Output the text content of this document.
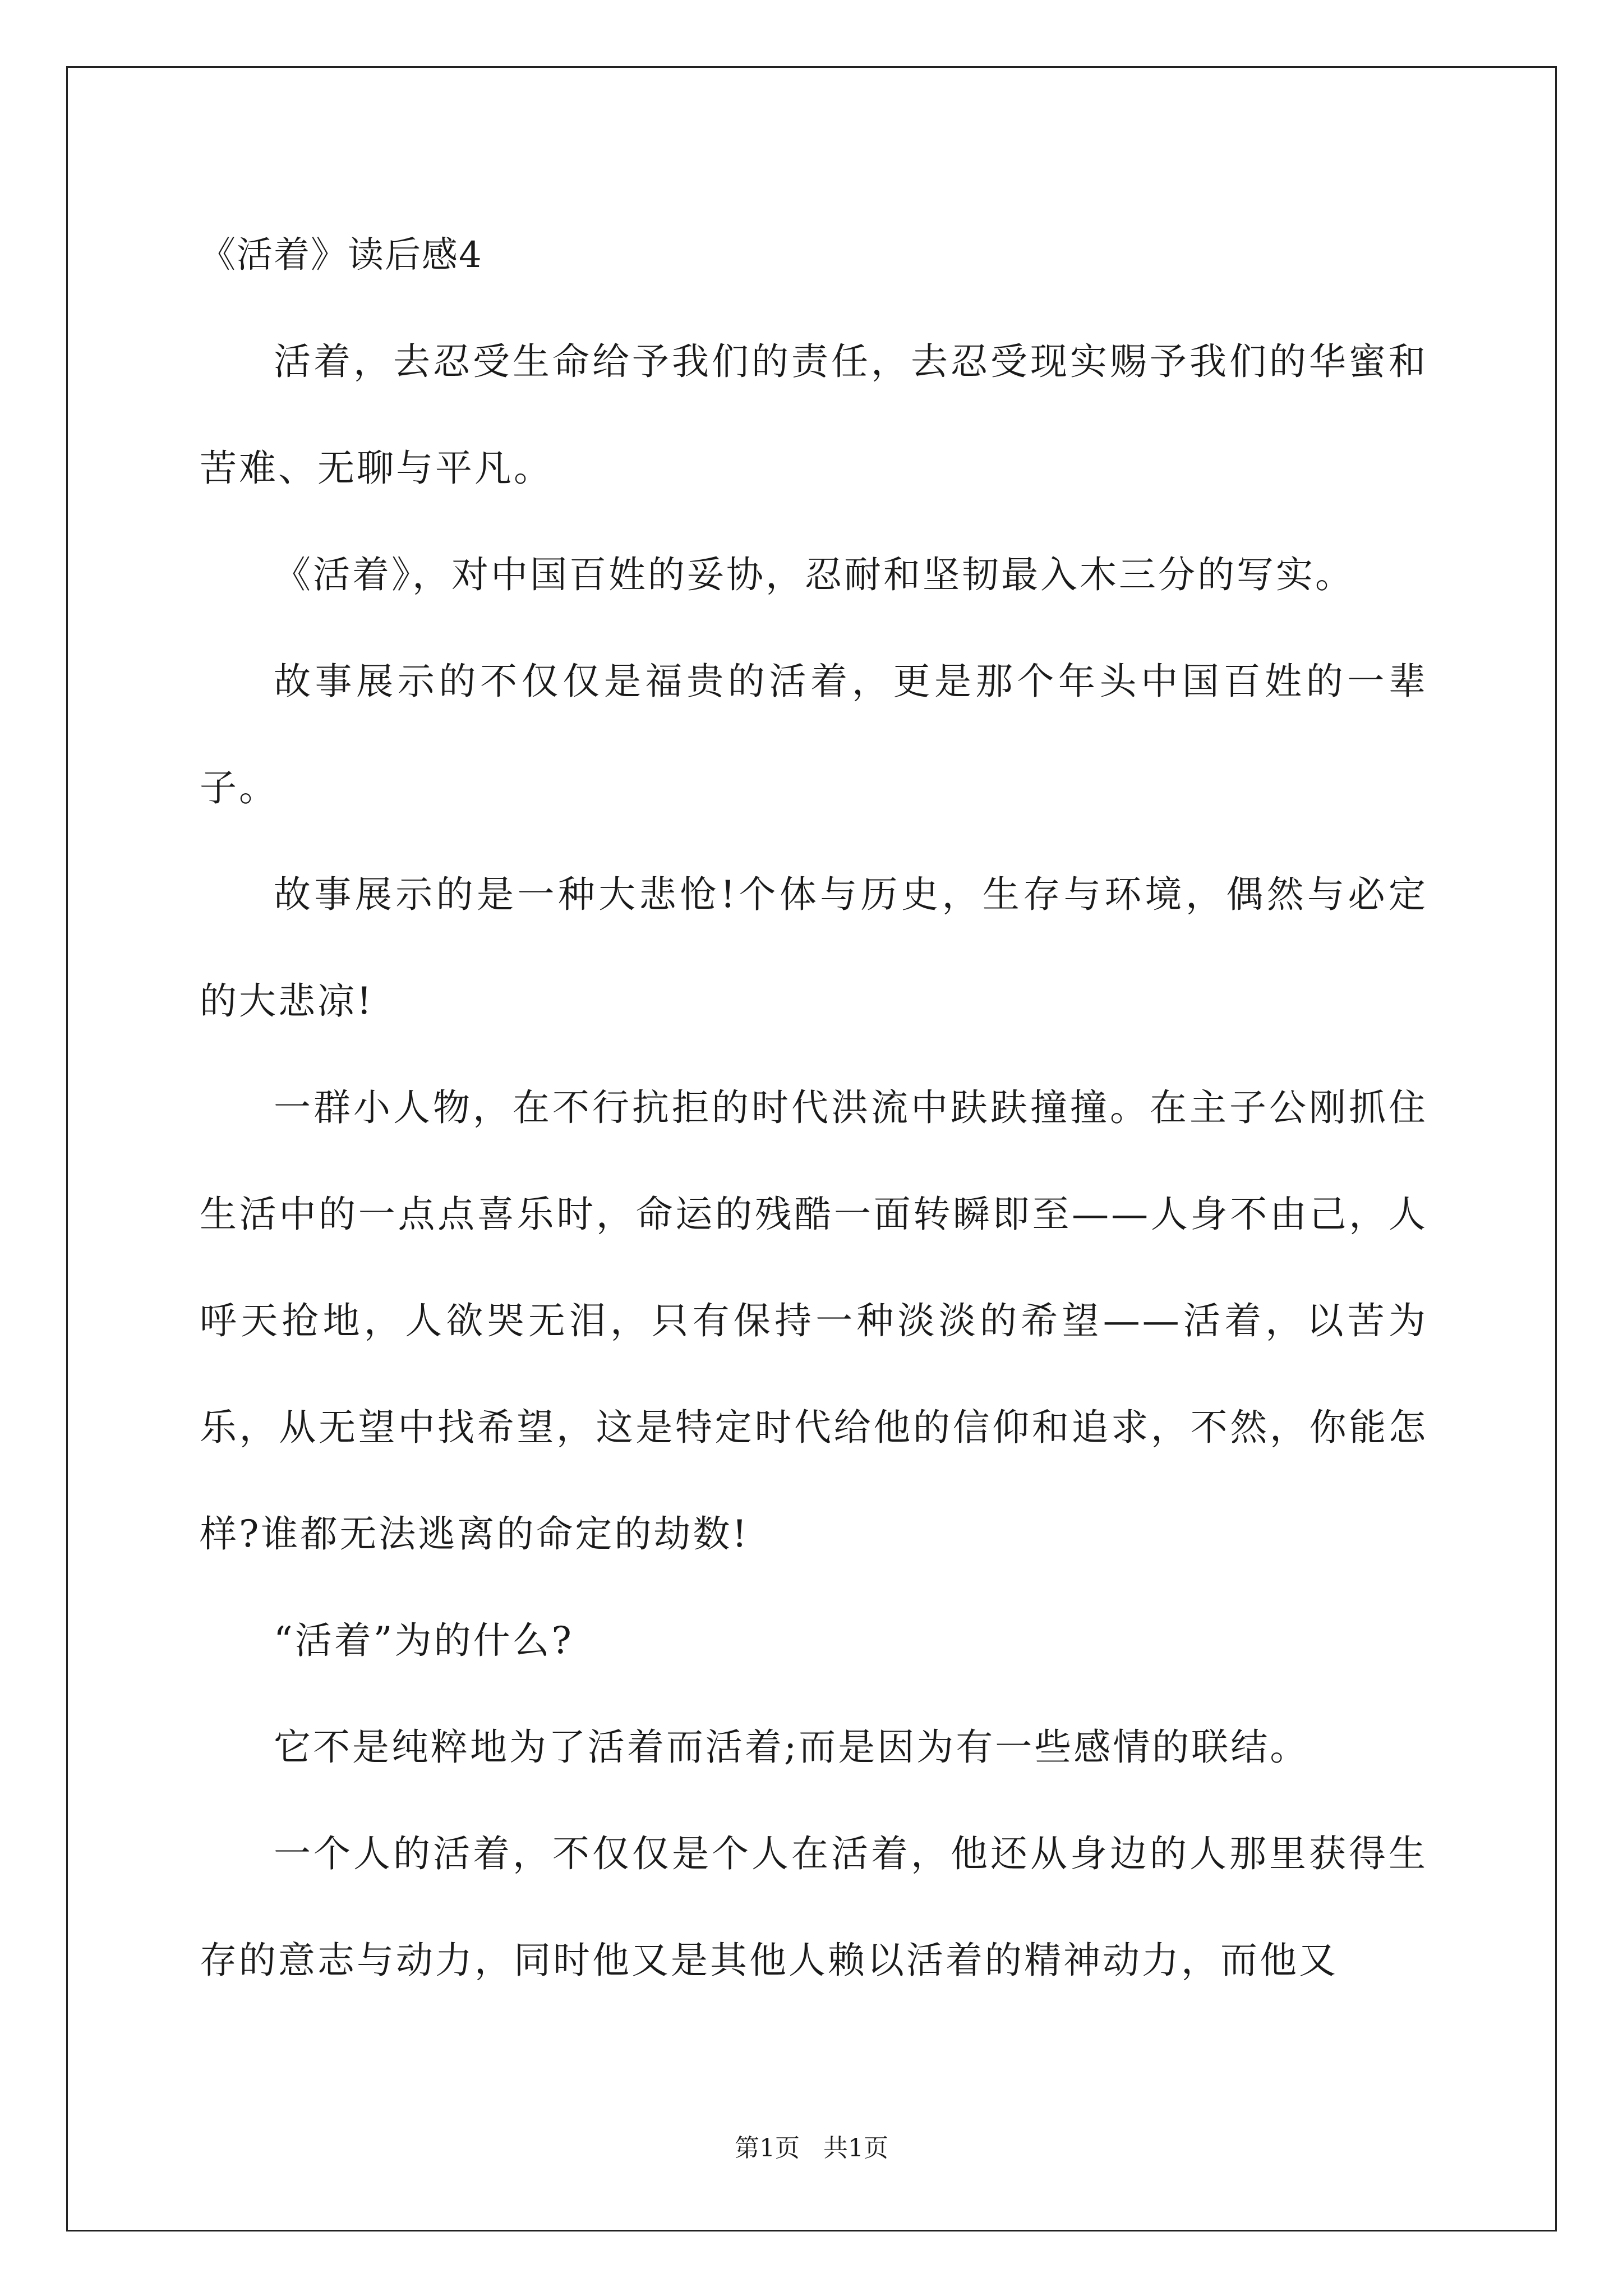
《活着》读后感4

活着，去忍受生命给予我们的责任，去忍受现实赐予我们的华蜜和苦难、无聊与平凡。

《活着》，对中国百姓的妥协，忍耐和坚韧最入木三分的写实。

故事展示的不仅仅是福贵的活着，更是那个年头中国百姓的一辈子。

故事展示的是一种大悲怆!个体与历史，生存与环境，偶然与必定的大悲凉!

一群小人物，在不行抗拒的时代洪流中趺趺撞撞。在主子公刚抓住生活中的一点点喜乐时，命运的残酷一面转瞬即至——人身不由己，人呼天抢地，人欲哭无泪，只有保持一种淡淡的希望——活着，以苦为乐，从无望中找希望，这是特定时代给他的信仰和追求，不然，你能怎样?谁都无法逃离的命定的劫数!

“活着”为的什么?

它不是纯粹地为了活着而活着;而是因为有一些感情的联结。

一个人的活着，不仅仅是个人在活着，他还从身边的人那里获得生存的意志与动力，同时他又是其他人赖以活着的精神动力，而他又

第1页   共1页
